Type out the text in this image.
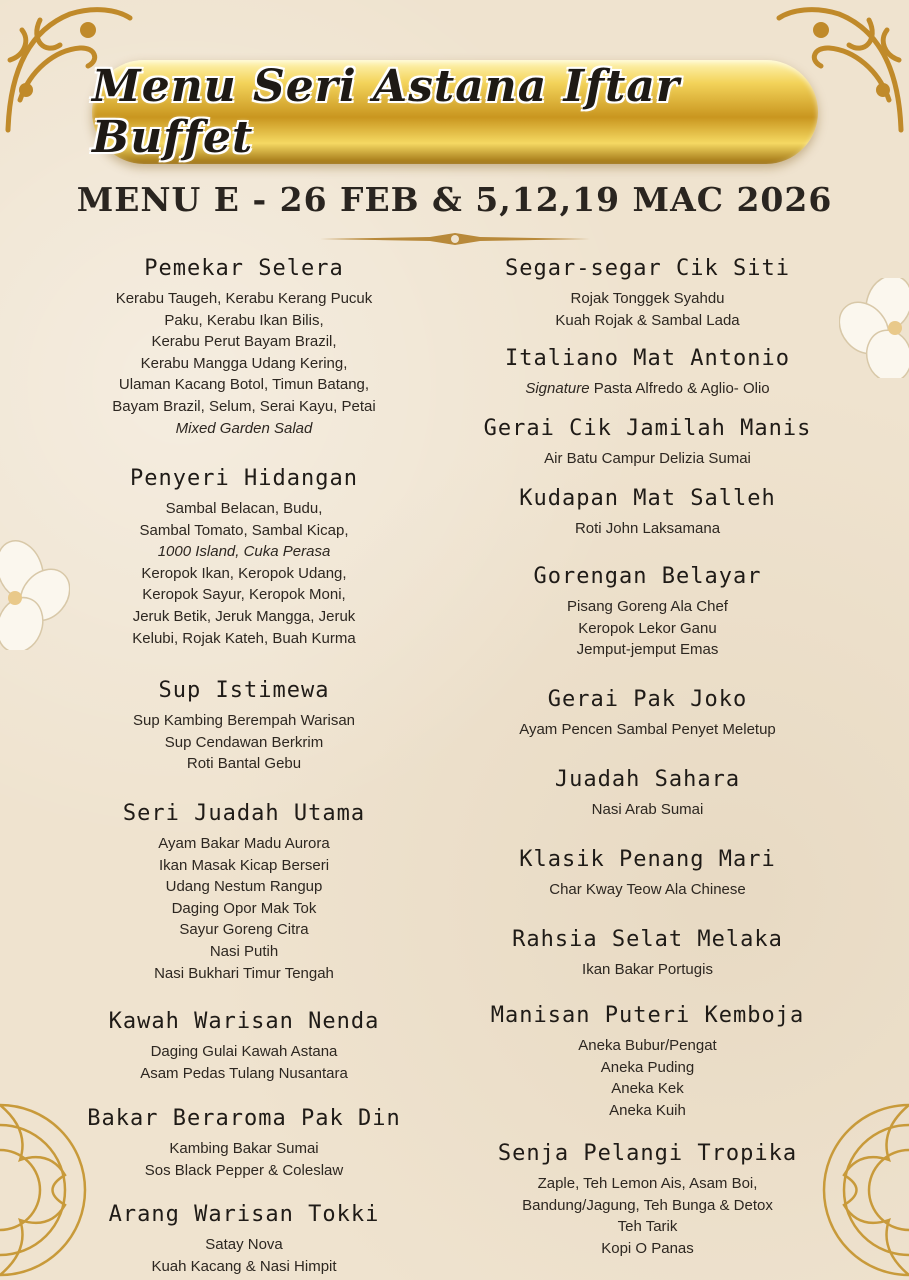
Menu Seri Astana Iftar Buffet
MENU E - 26 FEB & 5,12,19 MAC 2026
Pemekar Selera
Kerabu Taugeh, Kerabu Kerang Pucuk
Paku, Kerabu Ikan Bilis,
Kerabu Perut Bayam Brazil,
Kerabu Mangga Udang Kering,
Ulaman Kacang Botol, Timun Batang,
Bayam Brazil, Selum, Serai Kayu, Petai
Mixed Garden Salad
Penyeri Hidangan
Sambal Belacan, Budu,
Sambal Tomato, Sambal Kicap,
1000 Island, Cuka Perasa
Keropok Ikan, Keropok Udang,
Keropok Sayur, Keropok Moni,
Jeruk Betik, Jeruk Mangga, Jeruk
Kelubi, Rojak Kateh, Buah Kurma
Sup Istimewa
Sup Kambing Berempah Warisan
Sup Cendawan Berkrim
Roti Bantal Gebu
Seri Juadah Utama
Ayam Bakar Madu Aurora
Ikan Masak Kicap Berseri
Udang Nestum Rangup
Daging Opor Mak Tok
Sayur Goreng Citra
Nasi Putih
Nasi Bukhari Timur Tengah
Kawah Warisan Nenda
Daging Gulai Kawah Astana
Asam Pedas Tulang Nusantara
Bakar Beraroma Pak Din
Kambing Bakar Sumai
Sos Black Pepper & Coleslaw
Arang Warisan Tokki
Satay Nova
Kuah Kacang & Nasi Himpit
Segar-segar Cik Siti
Rojak Tonggek Syahdu
Kuah Rojak & Sambal Lada
Italiano Mat Antonio
Signature Pasta Alfredo & Aglio- Olio
Gerai Cik Jamilah Manis
Air Batu Campur Delizia Sumai
Kudapan Mat Salleh
Roti John Laksamana
Gorengan Belayar
Pisang Goreng Ala Chef
Keropok Lekor Ganu
Jemput-jemput Emas
Gerai Pak Joko
Ayam Pencen Sambal Penyet Meletup
Juadah Sahara
Nasi Arab Sumai
Klasik Penang Mari
Char Kway Teow Ala Chinese
Rahsia Selat Melaka
Ikan Bakar Portugis
Manisan Puteri Kemboja
Aneka Bubur/Pengat
Aneka Puding
Aneka Kek
Aneka Kuih
Senja Pelangi Tropika
Zaple, Teh Lemon Ais, Asam Boi,
Bandung/Jagung, Teh Bunga & Detox
Teh Tarik
Kopi O Panas
